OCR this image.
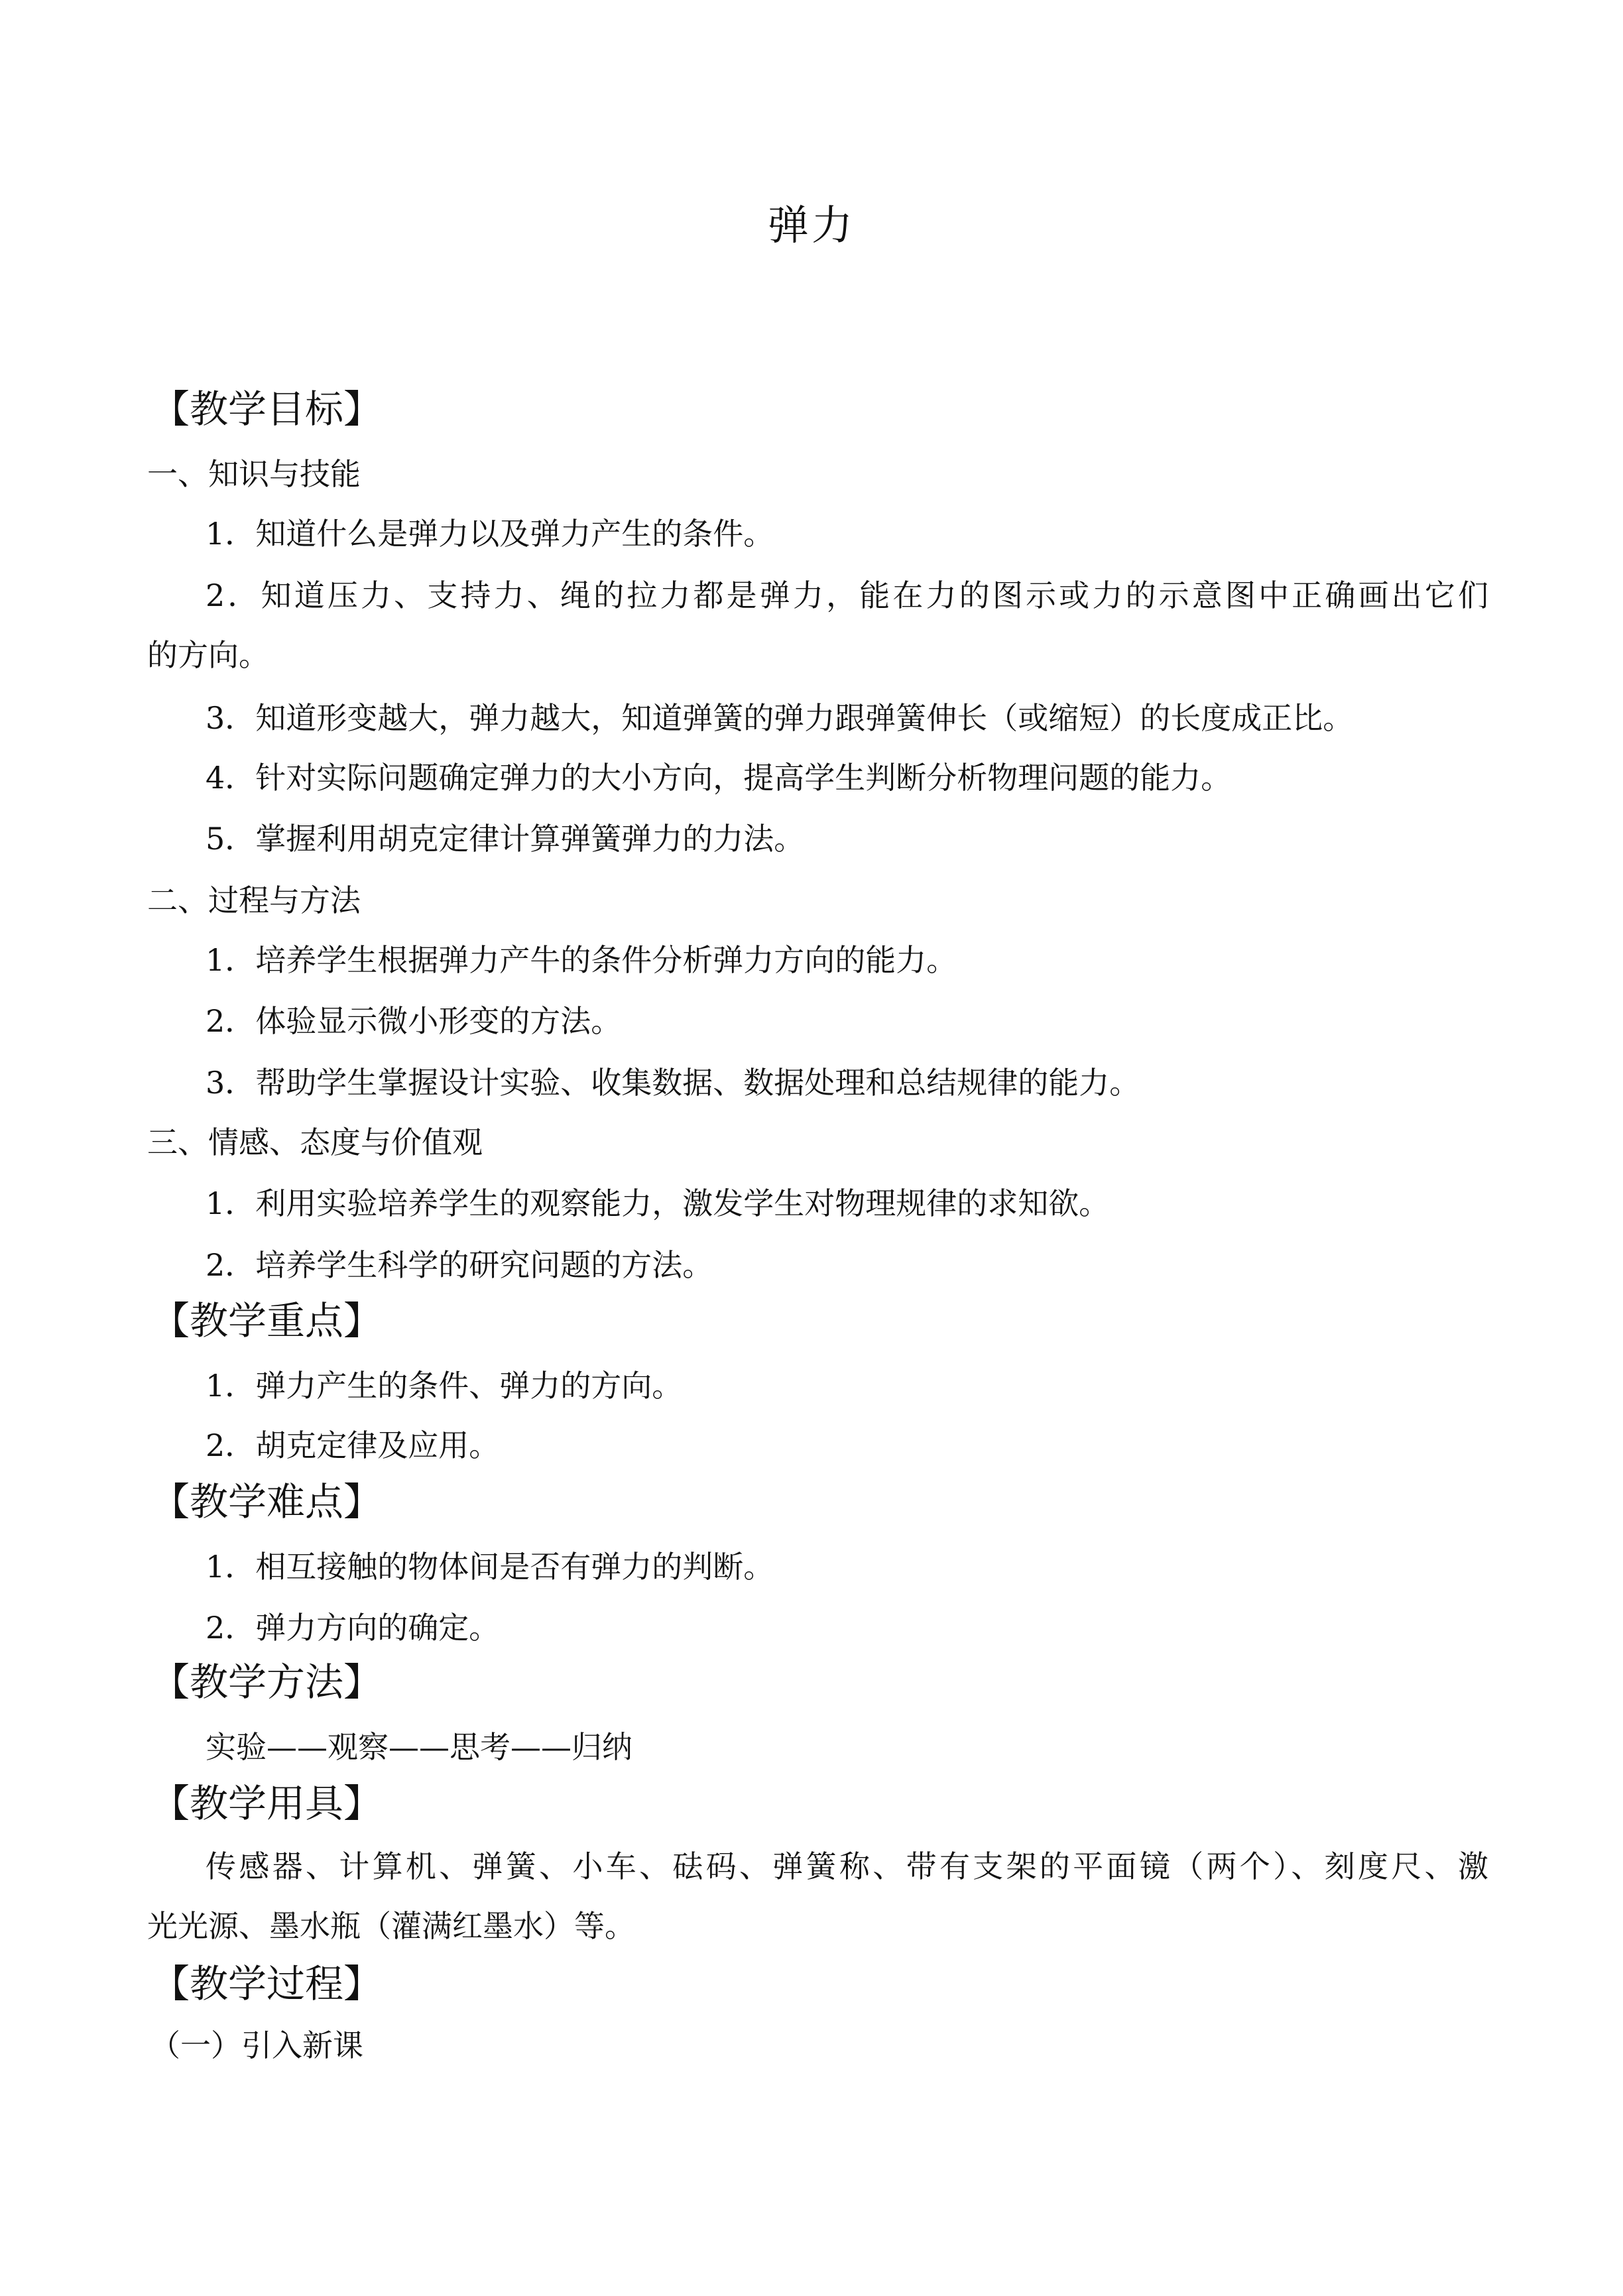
弹力
【教学目标】
一、知识与技能
1．知道什么是弹力以及弹力产生的条件。
2．知道压力、支持力、绳的拉力都是弹力，能在力的图示或力的示意图中正确画出它们
的方向。
3．知道形变越大，弹力越大，知道弹簧的弹力跟弹簧伸长（或缩短）的长度成正比。
4．针对实际问题确定弹力的大小方向，提高学生判断分析物理问题的能力。
5．掌握利用胡克定律计算弹簧弹力的力法。
二、过程与方法
1．培养学生根据弹力产牛的条件分析弹力方向的能力。
2．体验显示微小形变的方法。
3．帮助学生掌握设计实验、收集数据、数据处理和总结规律的能力。
三、情感、态度与价值观
1．利用实验培养学生的观察能力，激发学生对物理规律的求知欲。
2．培养学生科学的研究问题的方法。
【教学重点】
1．弹力产生的条件、弹力的方向。
2．胡克定律及应用。
【教学难点】
1．相互接触的物体间是否有弹力的判断。
2．弹力方向的确定。
【教学方法】
实验——观察——思考——归纳
【教学用具】
传感器、计算机、弹簧、小车、砝码、弹簧称、带有支架的平面镜（两个）、刻度尺、激
光光源、墨水瓶（灌满红墨水）等。
【教学过程】
（一）引入新课
